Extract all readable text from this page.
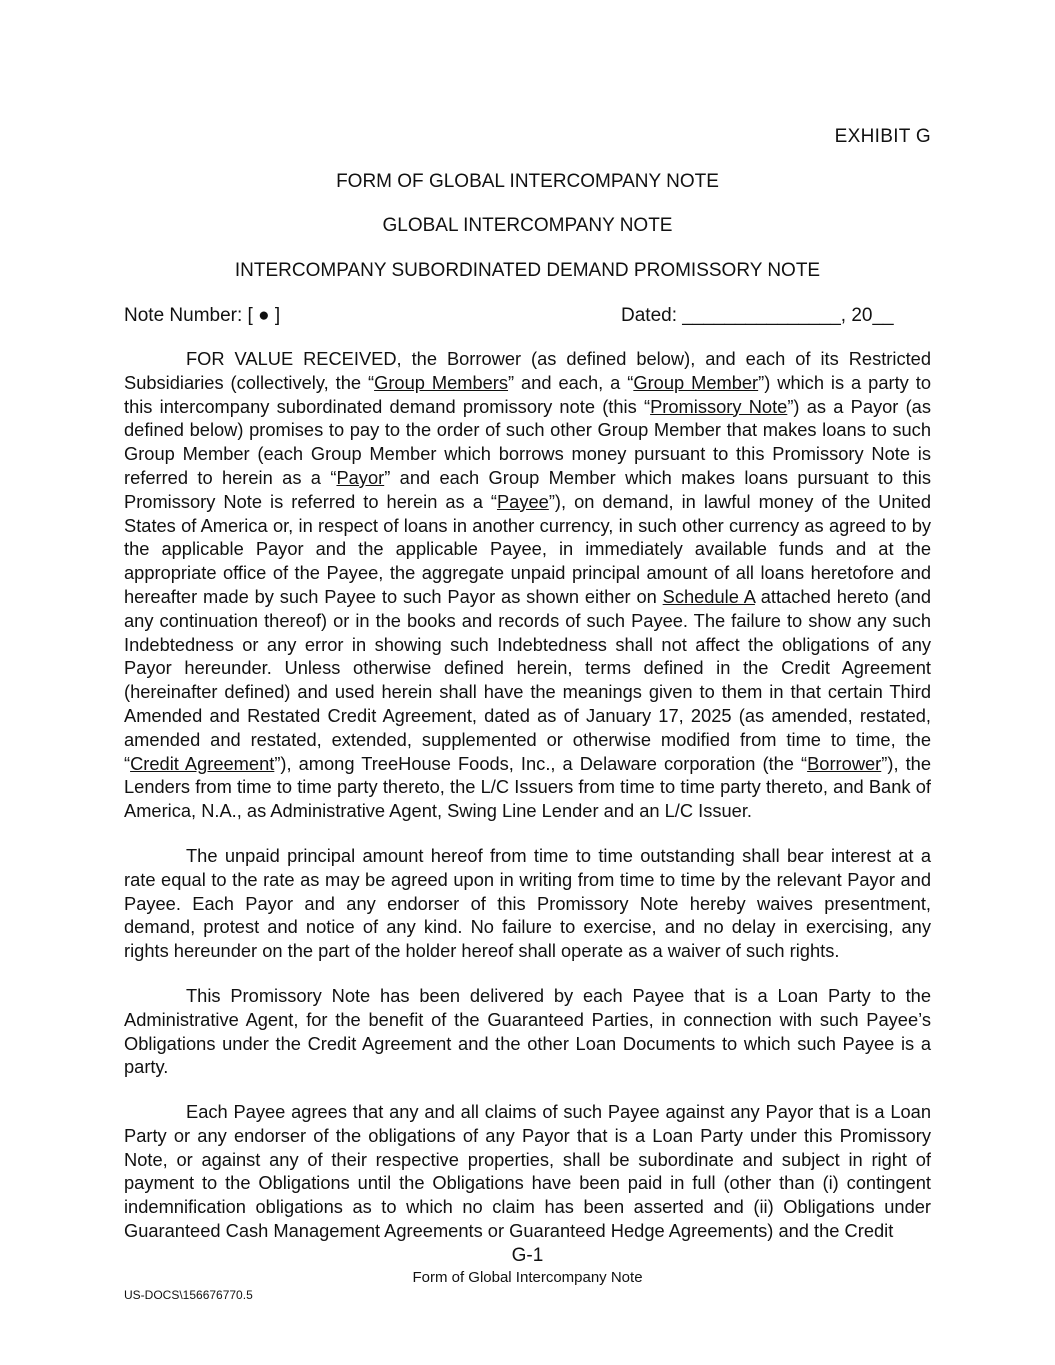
EXHIBIT G
FORM OF GLOBAL INTERCOMPANY NOTE
GLOBAL INTERCOMPANY NOTE
INTERCOMPANY SUBORDINATED DEMAND PROMISSORY NOTE
Note Number: [ ● ]	Dated: _______________, 20__

FOR VALUE RECEIVED, the Borrower (as defined below), and each of its Restricted Subsidiaries (collectively, the “Group Members” and each, a “Group Member”) which is a party to this intercompany subordinated demand promissory note (this “Promissory Note”) as a Payor (as defined below) promises to pay to the order of such other Group Member that makes loans to such Group Member (each Group Member which borrows money pursuant to this Promissory Note is referred to herein as a “Payor” and each Group Member which makes loans pursuant to this Promissory Note is referred to herein as a “Payee”), on demand, in lawful money of the United States of America or, in respect of loans in another currency, in such other currency as agreed to by the applicable Payor and the applicable Payee, in immediately available funds and at the appropriate office of the Payee, the aggregate unpaid principal amount of all loans heretofore and hereafter made by such Payee to such Payor as shown either on Schedule A attached hereto (and any continuation thereof) or in the books and records of such Payee. The failure to show any such Indebtedness or any error in showing such Indebtedness shall not affect the obligations of any Payor hereunder. Unless otherwise defined herein, terms defined in the Credit Agreement (hereinafter defined) and used herein shall have the meanings given to them in that certain Third Amended and Restated Credit Agreement, dated as of January 17, 2025 (as amended, restated, amended and restated, extended, supplemented or otherwise modified from time to time, the “Credit Agreement”), among TreeHouse Foods, Inc., a Delaware corporation (the “Borrower”), the Lenders from time to time party thereto, the L/C Issuers from time to time party thereto, and Bank of America, N.A., as Administrative Agent, Swing Line Lender and an L/C Issuer.

The unpaid principal amount hereof from time to time outstanding shall bear interest at a rate equal to the rate as may be agreed upon in writing from time to time by the relevant Payor and Payee. Each Payor and any endorser of this Promissory Note hereby waives presentment, demand, protest and notice of any kind. No failure to exercise, and no delay in exercising, any rights hereunder on the part of the holder hereof shall operate as a waiver of such rights.

This Promissory Note has been delivered by each Payee that is a Loan Party to the Administrative Agent, for the benefit of the Guaranteed Parties, in connection with such Payee’s Obligations under the Credit Agreement and the other Loan Documents to which such Payee is a party.

Each Payee agrees that any and all claims of such Payee against any Payor that is a Loan Party or any endorser of the obligations of any Payor that is a Loan Party under this Promissory Note, or against any of their respective properties, shall be subordinate and subject in right of payment to the Obligations until the Obligations have been paid in full (other than (i) contingent indemnification obligations as to which no claim has been asserted and (ii) Obligations under Guaranteed Cash Management Agreements or Guaranteed Hedge Agreements) and the Credit

G-1
Form of Global Intercompany Note
US-DOCS\156676770.5
